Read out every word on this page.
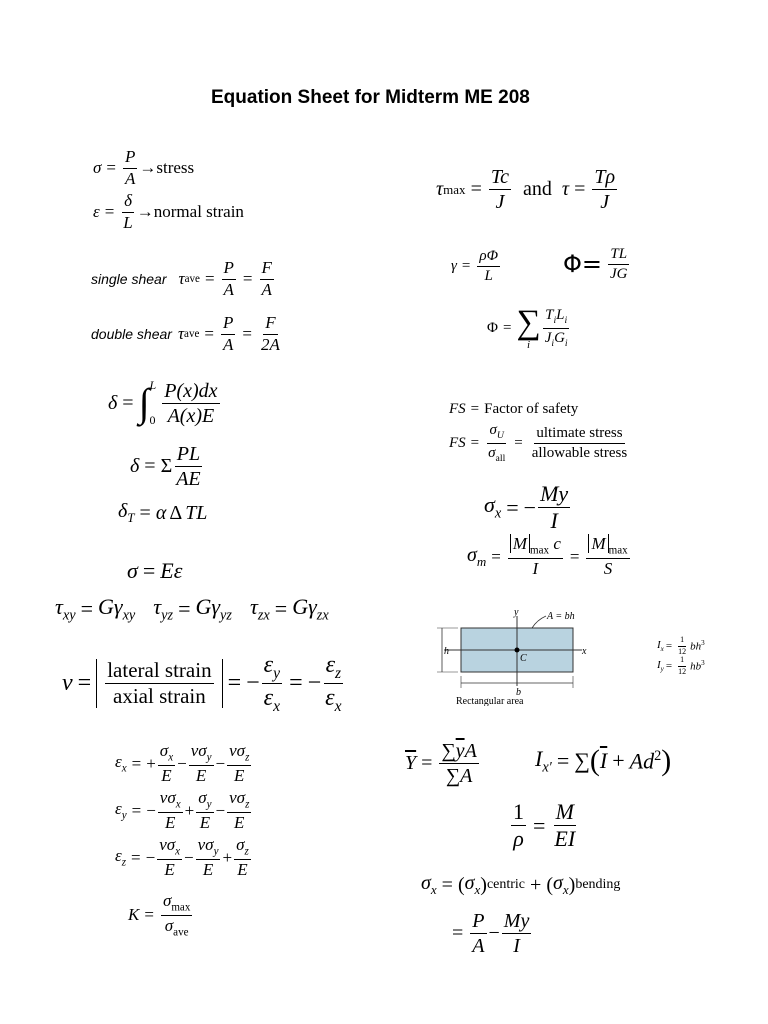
Equation Sheet for Midterm ME 208
$\sigma = \frac{P}{A}$ → stress
$\varepsilon = \frac{\delta}{L}$ → normal strain
single shear τ ave = $\frac{P}{A} = \frac{F}{A}$
double shear τ ave = $\frac{P}{A} = \frac{F}{2A}$
δ = ∫ L
$0 \frac{P(x)dx}{A(x)E}$
δ = Σ $\frac{PL}{AE}$
$\delta_T = \alpha$ Δ TL
σ = Eε
$\tau_{xy} = G\gamma_{xy}$ $\tau_{yz} = G\gamma_{yz}$ $\tau_{zx} = G\gamma_{zx}$
$\nu = \frac{\text{lateral strain}}{\text{axial strain}}$ = − $\frac{\varepsilon_y}{\varepsilon_x}$ = − $\frac{\varepsilon_z}{\varepsilon_x}$
$\varepsilon_x$ = + $\frac{\sigma_x}{E} - \frac{\nu\sigma_y}{E} - \frac{\nu\sigma_z}{E}$
$\varepsilon_y$ = − $\frac{\nu\sigma_x}{E} + \frac{\sigma_y}{E} - \frac{\nu\sigma_z}{E}$
$\varepsilon_z$ = − $\frac{\nu\sigma_x}{E} - \frac{\nu\sigma_y}{E} + \frac{\sigma_z}{E}$
$K = \frac{\sigma_{max}}{\sigma_{ave}}$
τ $\max = \frac{Tc}{J}$ and $\tau = \frac{T\rho}{J}$
$\gamma = \frac{\rho\Phi}{L}$	$\Phi= \frac{TL}{JG}$
Φ = ∑
i $\frac{T_iL_i}{J_iG_i}$
FS = Factor of safety
FS = $\frac{\sigma_U}{\sigma_{all}} = \frac{\text{ultimate stress}}{\text{allowable stress}}$
$\sigma_x$ = − $\frac{My}{I}$
$\sigma_m = \frac{M _{max} c}{I} = \frac{M _{max}}{S}$
h	x
y
C
A = bh
b
Rectangular area
$I_x = \frac{1}{12} bh^3$
$I_y = \frac{1}{12} hb^3$
$\overline{Y} = \frac{\sum\overline{y}A}{\sum A}$	$I_{x'}$ = ∑ ( $\overline{I} + Ad^2$ )
$\frac{1}{\rho} = \frac{M}{EI}$
$\sigma_x$ = ( $\sigma_x$ ) centric + ( $\sigma_x$ ) bending
= $\frac{P}{A} - \frac{My}{I}$
